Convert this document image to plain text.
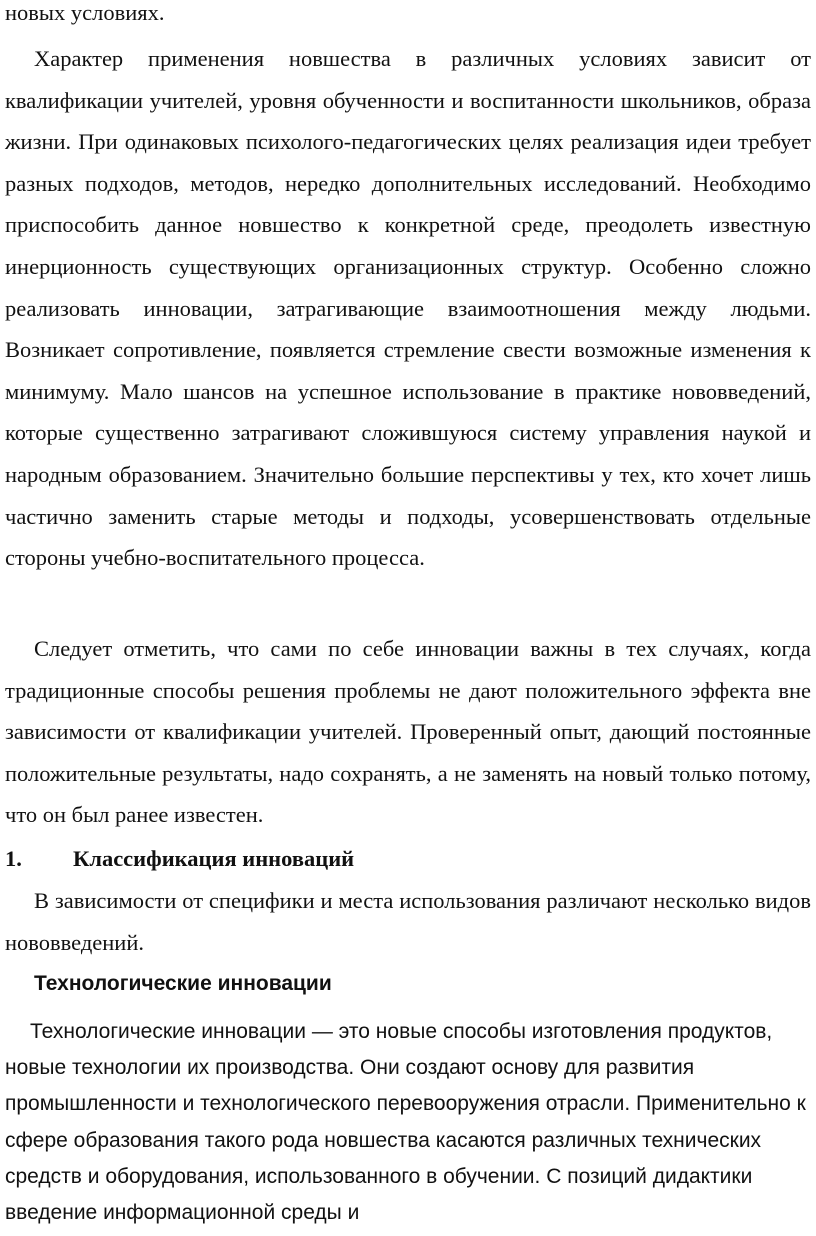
новых условиях.

Характер применения новшества в различных условиях зависит от квалификации учителей, уровня обученности и воспитанности школьников, образа жизни. При одинаковых психолого-педагогических целях реализация идеи требует разных подходов, методов, нередко дополнительных исследований. Необходимо приспособить данное новшество к конкретной среде, преодолеть известную инерционность существующих организационных структур. Особенно сложно реализовать инновации, затрагивающие взаимоотношения между людьми. Возникает сопротивление, появляется стремление свести возможные изменения к минимуму. Мало шансов на успешное использование в практике нововведений, которые существенно затрагивают сложившуюся систему управления наукой и народным образованием. Значительно большие перспективы у тех, кто хочет лишь частично заменить старые методы и подходы, усовершенствовать отдельные стороны учебно-воспитательного процесса.

Следует отметить, что сами по себе инновации важны в тех случаях, когда традиционные способы решения проблемы не дают положительного эффекта вне зависимости от квалификации учителей. Проверенный опыт, дающий постоянные положительные результаты, надо сохранять, а не заменять на новый только потому, что он был ранее известен.

1. Классификация инноваций

В зависимости от специфики и места использования различают несколько видов нововведений.

Технологические инновации

Технологические инновации — это новые способы изготовления продуктов, новые технологии их производства. Они создают основу для развития промышленности и технологического перевооружения отрасли. Применительно к сфере образования такого рода новшества касаются различных технических средств и оборудования, использованного в обучении. С позиций дидактики введение информационной среды и
